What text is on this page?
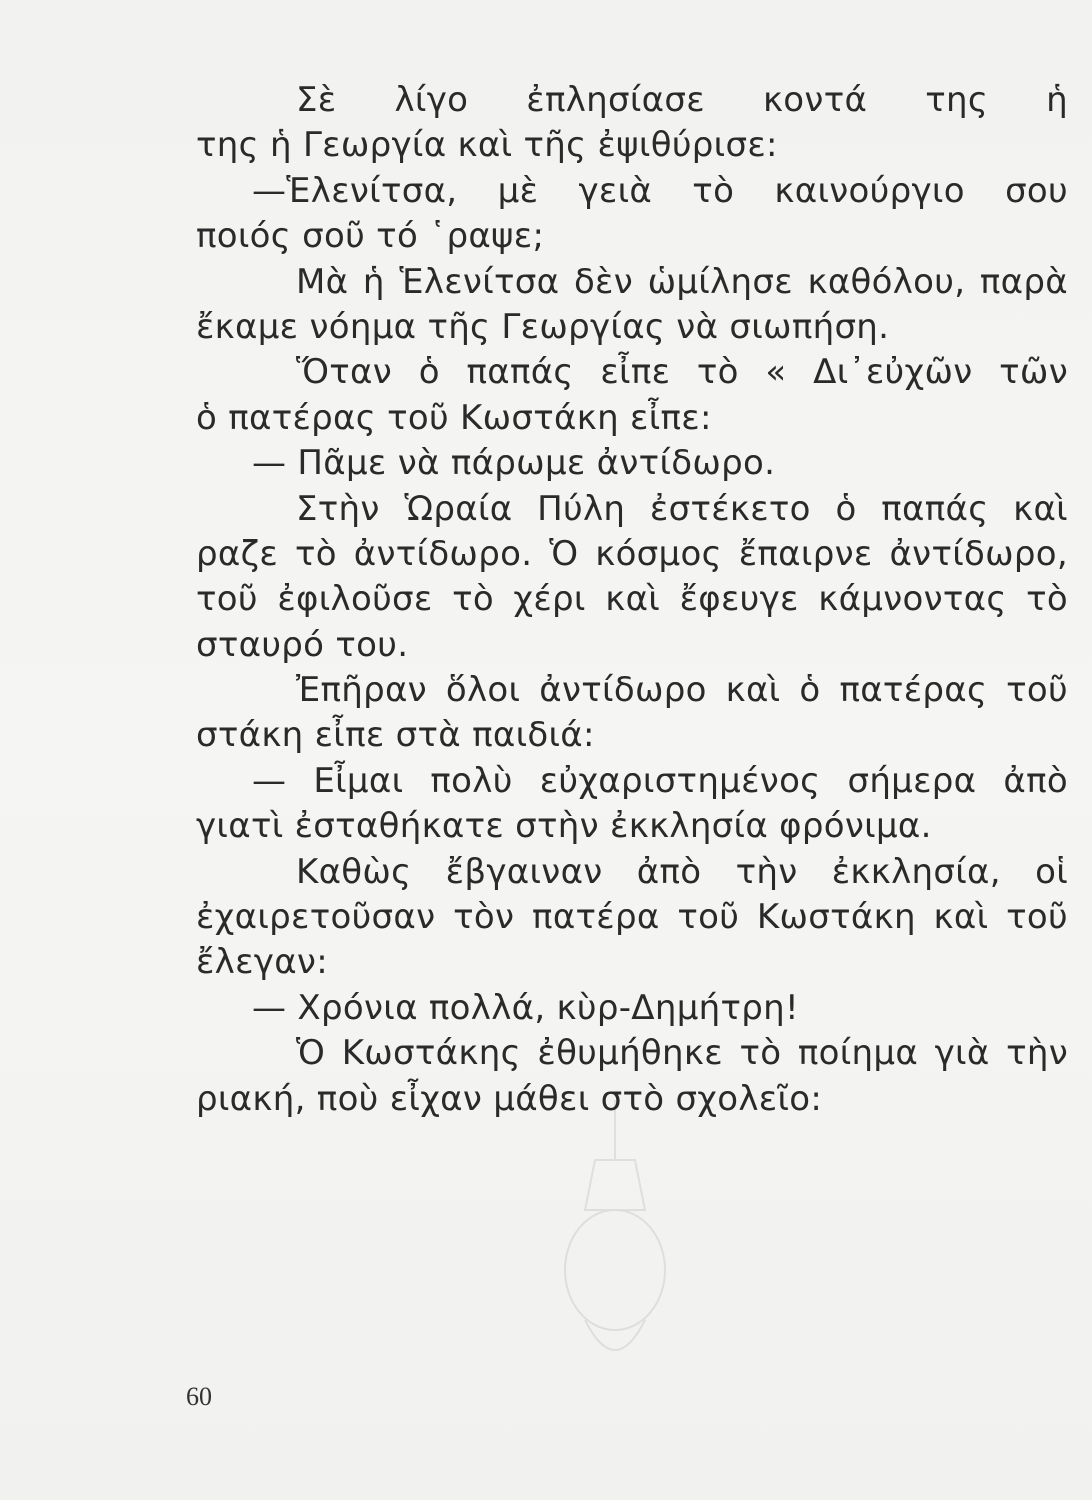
Σὲ λίγο ἐπλησίασε κοντά της ἡ
της ἡ Γεωργία καὶ τῆς ἐψιθύρισε:
—Ἑλενίτσα, μὲ γειὰ τὸ καινούργιο σου
ποιός σοῦ τό ῾ραψε;
Μὰ ἡ Ἑλενίτσα δὲν ὡμίλησε καθόλου, παρὰ
ἔκαμε νόημα τῆς Γεωργίας νὰ σιωπήση.
Ὅταν ὁ παπάς εἶπε τὸ « Δι᾽εὐχῶν τῶν
ὁ πατέρας τοῦ Κωστάκη εἶπε:
— Πᾶμε νὰ πάρωμε ἀντίδωρο.
Στὴν Ὡραία Πύλη ἐστέκετο ὁ παπάς καὶ
ραζε τὸ ἀντίδωρο. Ὁ κόσμος ἔπαιρνε ἀντίδωρο,
τοῦ ἐφιλοῦσε τὸ χέρι καὶ ἔφευγε κάμνοντας τὸ
σταυρό του.
Ἐπῆραν ὅλοι ἀντίδωρο καὶ ὁ πατέρας τοῦ
στάκη εἶπε στὰ παιδιά:
— Εἶμαι πολὺ εὐχαριστημένος σήμερα ἀπὸ
γιατὶ ἐσταθήκατε στὴν ἐκκλησία φρόνιμα.
Καθὼς ἔβγαιναν ἀπὸ τὴν ἐκκλησία, οἱ
ἐχαιρετοῦσαν τὸν πατέρα τοῦ Κωστάκη καὶ τοῦ
ἔλεγαν:
— Χρόνια πολλά, κὺρ-Δημήτρη!
Ὁ Κωστάκης ἐθυμήθηκε τὸ ποίημα γιὰ τὴν
ριακή, ποὺ εἶχαν μάθει στὸ σχολεῖο:
60
